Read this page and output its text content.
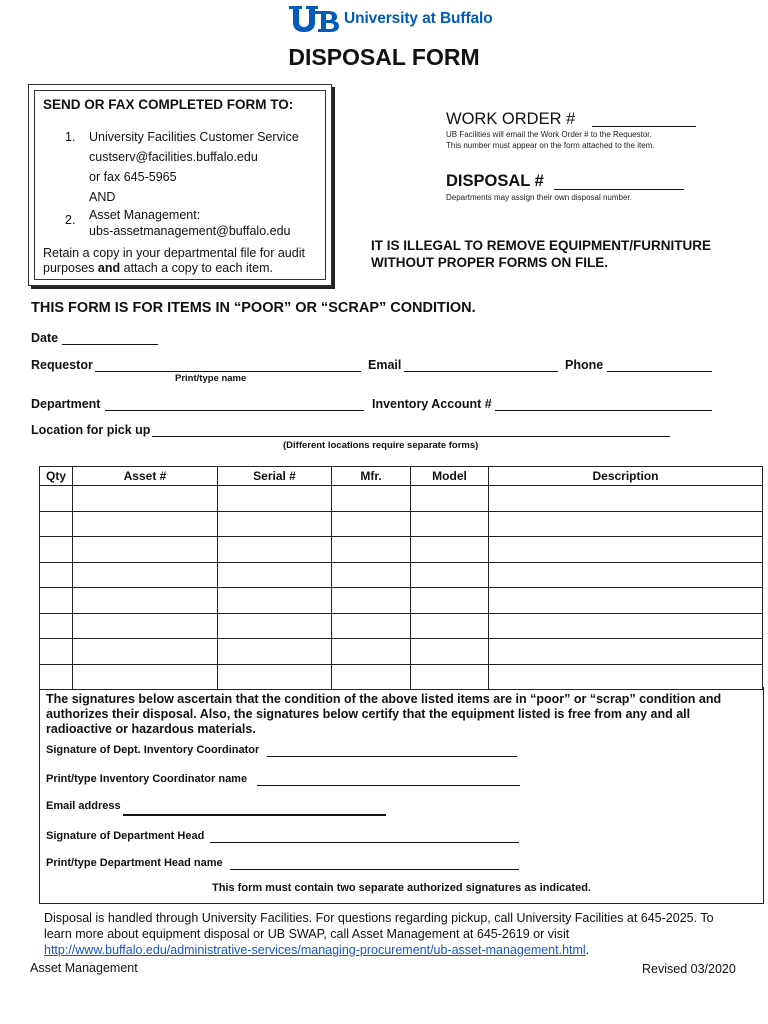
University at Buffalo
DISPOSAL FORM
SEND OR FAX COMPLETED FORM TO:
1. University Facilities Customer Service
custserv@facilities.buffalo.edu
or fax 645-5965
AND
2. Asset Management:
ubs-assetmanagement@buffalo.edu
Retain a copy in your departmental file for audit purposes and attach a copy to each item.
WORK ORDER #
UB Facilities will email the Work Order # to the Requestor.
This number must appear on the form attached to the item.
DISPOSAL #
Departments may assign their own disposal number.
IT IS ILLEGAL TO REMOVE EQUIPMENT/FURNITURE WITHOUT PROPER FORMS ON FILE.
THIS FORM IS FOR ITEMS IN “POOR” OR “SCRAP” CONDITION.
Date
Requestor
Print/type name
Email	Phone
Department	Inventory Account #
Location for pick up
(Different locations require separate forms)
Qty	Asset #	Serial #	Mfr.	Model	Description

The signatures below ascertain that the condition of the above listed items are in “poor” or “scrap” condition and authorizes their disposal. Also, the signatures below certify that the equipment listed is free from any and all radioactive or hazardous materials.
Signature of Dept. Inventory Coordinator
Print/type Inventory Coordinator name
Email address
Signature of Department Head
Print/type Department Head name
This form must contain two separate authorized signatures as indicated.
Disposal is handled through University Facilities. For questions regarding pickup, call University Facilities at 645-2025. To learn more about equipment disposal or UB SWAP, call Asset Management at 645-2619 or visit http://www.buffalo.edu/administrative-services/managing-procurement/ub-asset-management.html.
Asset Management	Revised 03/2020
